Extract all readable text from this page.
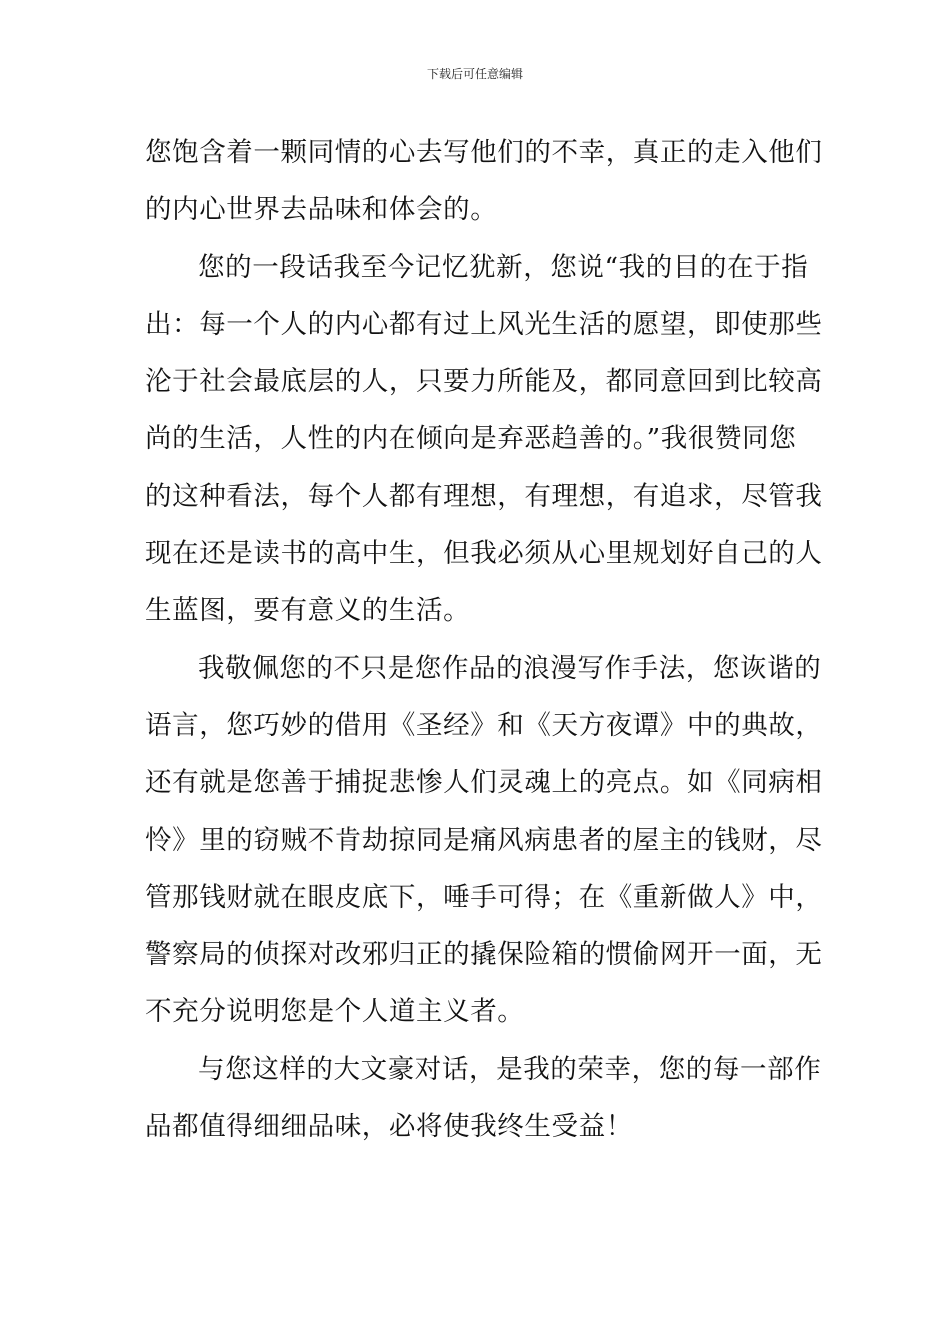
下载后可任意编辑
您饱含着一颗同情的心去写他们的不幸，真正的走入他们
的内心世界去品味和体会的。
您的一段话我至今记忆犹新，您说“我的目的在于指
出：每一个人的内心都有过上风光生活的愿望，即使那些
沦于社会最底层的人，只要力所能及，都同意回到比较高
尚的生活，人性的内在倾向是弃恶趋善的。”我很赞同您
的这种看法，每个人都有理想，有理想，有追求，尽管我
现在还是读书的高中生，但我必须从心里规划好自己的人
生蓝图，要有意义的生活。
我敬佩您的不只是您作品的浪漫写作手法，您诙谐的
语言，您巧妙的借用《圣经》和《天方夜谭》中的典故，
还有就是您善于捕捉悲惨人们灵魂上的亮点。如《同病相
怜》里的窃贼不肯劫掠同是痛风病患者的屋主的钱财，尽
管那钱财就在眼皮底下，唾手可得；在《重新做人》中，
警察局的侦探对改邪归正的撬保险箱的惯偷网开一面，无
不充分说明您是个人道主义者。
与您这样的大文豪对话，是我的荣幸，您的每一部作
品都值得细细品味，必将使我终生受益！
